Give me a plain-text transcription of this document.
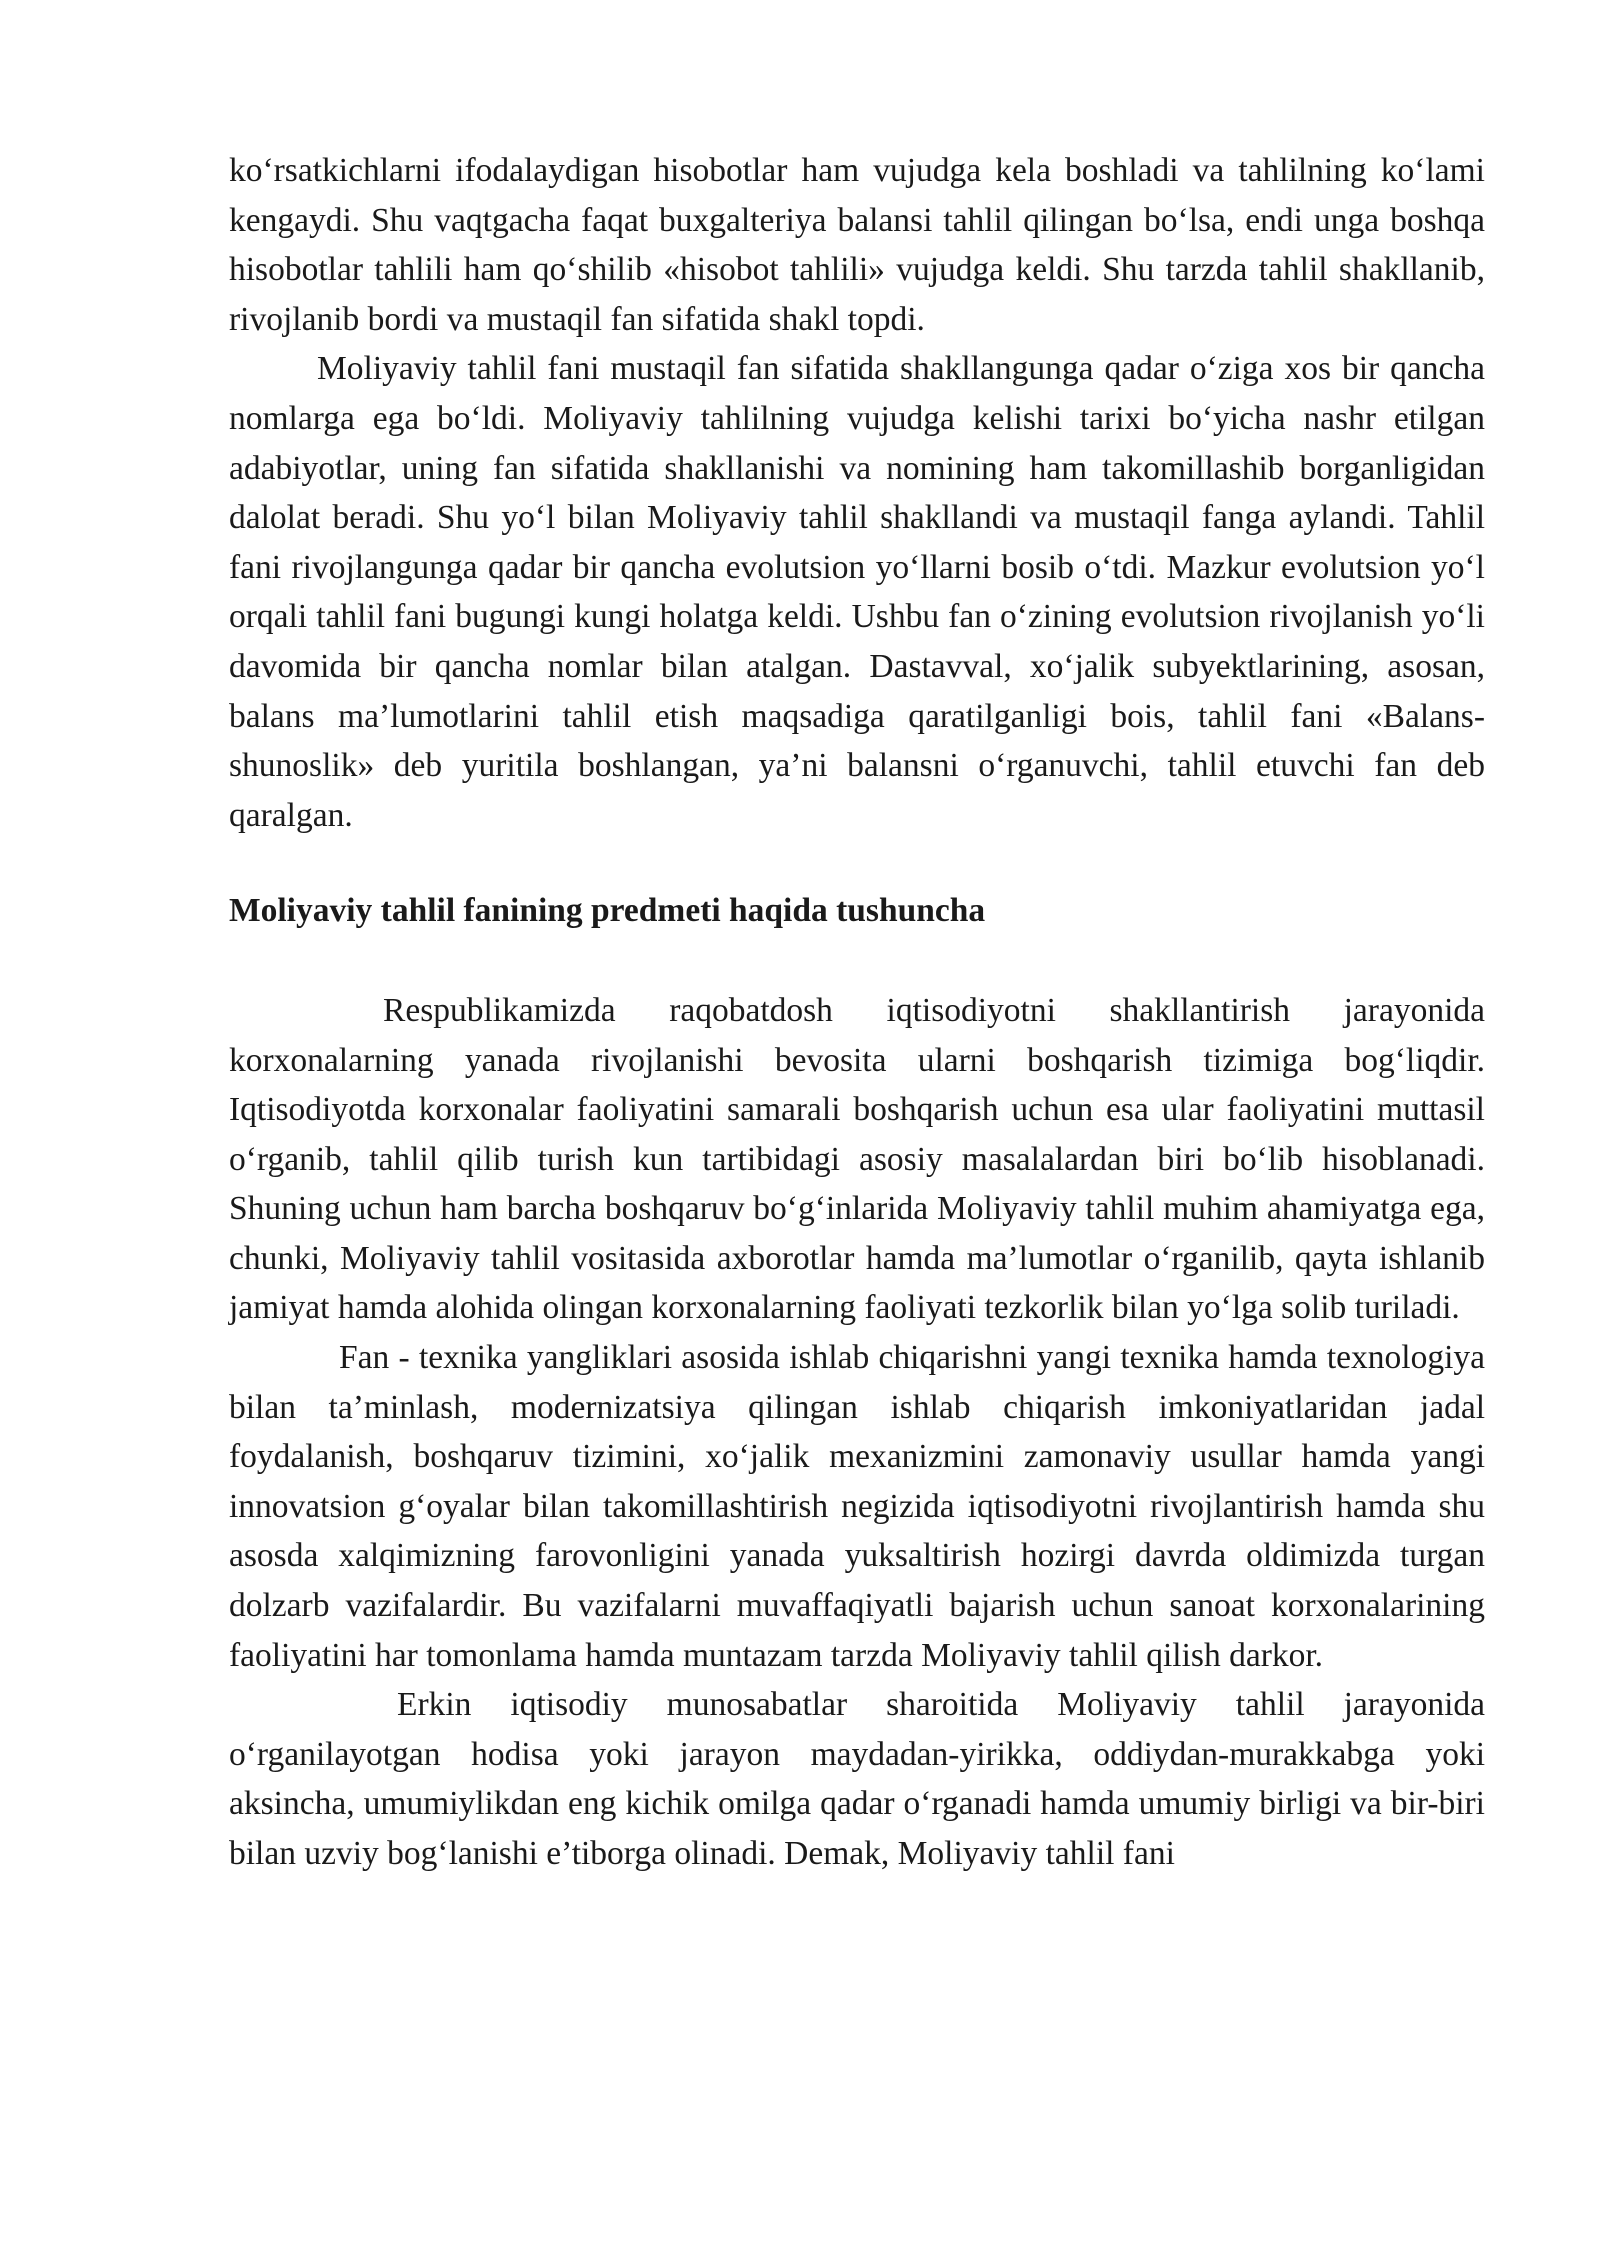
ko‘rsatkichlarni ifodalaydigan hisobotlar ham vujudga kela boshladi va tahlilning ko‘lami kengaydi. Shu vaqtgacha faqat buxgalteriya balansi tahlil qilingan bo‘lsa, endi unga boshqa hisobotlar tahlili ham qo‘shilib «hisobot tahlili» vujudga keldi. Shu tarzda tahlil shakllanib, rivojlanib bordi va mustaqil fan sifatida shakl topdi.

Moliyaviy tahlil fani mustaqil fan sifatida shakllangunga qadar o‘ziga xos bir qancha nomlarga ega bo‘ldi. Moliyaviy tahlilning vujudga kelishi tarixi bo‘yicha nashr etilgan adabiyotlar, uning fan sifatida shakllanishi va nomining ham takomillashib borganligidan dalolat beradi. Shu yo‘l bilan Moliyaviy tahlil shakllandi va mustaqil fanga aylandi. Tahlil fani rivojlangunga qadar bir qancha evolutsion yo‘llarni bosib o‘tdi. Mazkur evolutsion yo‘l orqali tahlil fani bugungi kungi holatga keldi. Ushbu fan o‘zining evolutsion rivojlanish yo‘li davomida bir qancha nomlar bilan atalgan. Dastavval, xo‘jalik subyektlarining, asosan, balans ma’lumotlarini tahlil etish maqsadiga qaratilganligi bois, tahlil fani «Balans-shunoslik» deb yuritila boshlangan, ya’ni balansni o‘rganuvchi, tahlil etuvchi fan deb qaralgan.

Moliyaviy tahlil fanining predmeti haqida tushuncha

Respublikamizda raqobatdosh iqtisodiyotni shakllantirish jarayonida korxonalarning yanada rivojlanishi bevosita ularni boshqarish tizimiga bog‘liqdir. Iqtisodiyotda korxonalar faoliyatini samarali boshqarish uchun esa ular faoliyatini muttasil o‘rganib, tahlil qilib turish kun tartibidagi asosiy masalalardan biri bo‘lib hisoblanadi. Shuning uchun ham barcha boshqaruv bo‘g‘inlarida Moliyaviy tahlil muhim ahamiyatga ega, chunki, Moliyaviy tahlil vositasida axborotlar hamda ma’lumotlar o‘rganilib, qayta ishlanib jamiyat hamda alohida olingan korxonalarning faoliyati tezkorlik bilan yo‘lga solib turiladi.

Fan - texnika yangliklari asosida ishlab chiqarishni yangi texnika hamda texnologiya bilan ta’minlash, modernizatsiya qilingan ishlab chiqarish imkoniyatlaridan jadal foydalanish, boshqaruv tizimini, xo‘jalik mexanizmini zamonaviy usullar hamda yangi innovatsion g‘oyalar bilan takomillashtirish negizida iqtisodiyotni rivojlantirish hamda shu asosda xalqimizning farovonligini yanada yuksaltirish hozirgi davrda oldimizda turgan dolzarb vazifalardir. Bu vazifalarni muvaffaqiyatli bajarish uchun sanoat korxonalarining faoliyatini har tomonlama hamda muntazam tarzda Moliyaviy tahlil qilish darkor.

Erkin iqtisodiy munosabatlar sharoitida Moliyaviy tahlil jarayonida o‘rganilayotgan hodisa yoki jarayon maydadan-yirikka, oddiydan-murakkabga yoki aksincha, umumiylikdan eng kichik omilga qadar o‘rganadi hamda umumiy birligi va bir-biri bilan uzviy bog‘lanishi e’tiborga olinadi. Demak, Moliyaviy tahlil fani
